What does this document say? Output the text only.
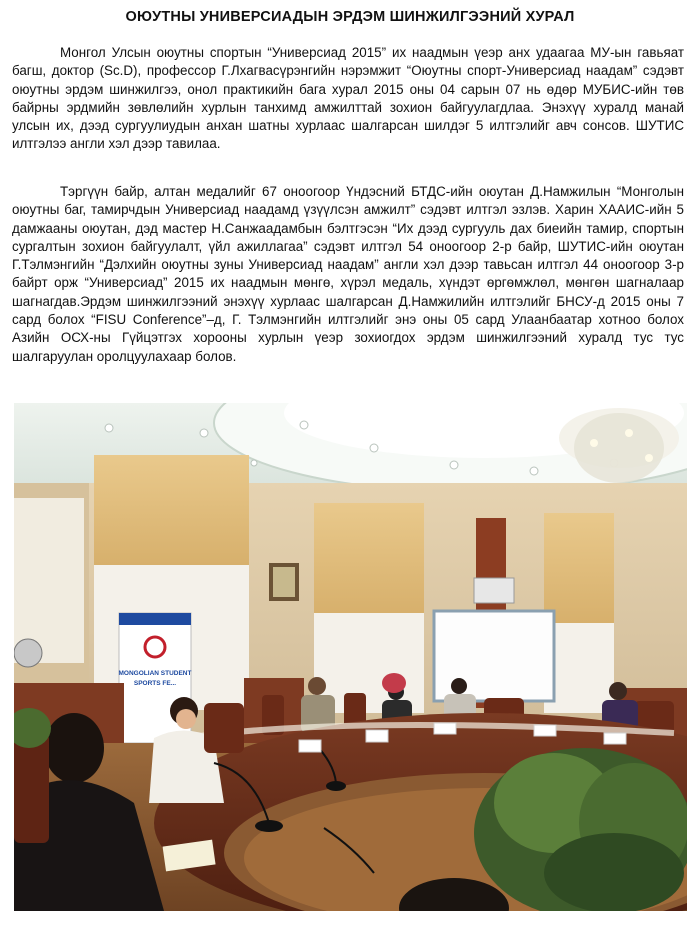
ОЮУТНЫ УНИВЕРСИАДЫН ЭРДЭМ ШИНЖИЛГЭЭНИЙ ХУРАЛ

Монгол Улсын оюутны спортын “Универсиад 2015” их наадмын үеэр анх удаагаа МУ-ын гавьяат багш, доктор (Sc.D), профессор Г.Лхагвасүрэнгийн нэрэмжит “Оюутны спорт-Универсиад наадам” сэдэвт оюутны эрдэм шинжилгээ, онол практикийн бага хурал 2015 оны 04 сарын 07 нь өдөр МУБИС-ийн төв байрны эрдмийн зөвлөлийн хурлын танхимд амжилттай зохион байгуулагдлаа. Энэхүү хуралд манай улсын их, дээд сургуулиудын анхан шатны хурлаас шалгарсан шилдэг 5 илтгэлийг авч сонсов. ШУТИС илтгэлээ англи хэл дээр тавилаа.

Тэргүүн байр, алтан медалийг 67 оноогоор Үндэсний БТДС-ийн оюутан Д.Намжилын “Монголын оюутны баг, тамирчдын Универсиад наадамд үзүүлсэн амжилт” сэдэвт илтгэл эзлэв. Харин ХААИС-ийн 5 дамжааны оюутан, дэд мастер Н.Санжаадамбын бэлтгэсэн “Их дээд сургууль дах биеийн тамир, спортын сургалтын зохион байгуулалт, үйл ажиллагаа” сэдэвт илтгэл 54 оноогоор 2-р байр, ШУТИС-ийн оюутан Г.Тэлмэнгийн “Дэлхийн оюутны зуны Универсиад наадам” англи хэл дээр тавьсан илтгэл 44 оноогоор 3-р байрт орж “Универсиад” 2015 их наадмын мөнгө, хүрэл медаль, хүндэт өргөмжлөл, мөнгөн шагналаар шагнагдав.Эрдэм шинжилгээний энэхүү хурлаас шалгарсан Д.Намжилийн илтгэлийг БНСУ-д 2015 оны 7 сард болох “FISU Conference”–д, Г. Тэлмэнгийн илтгэлийг энэ оны 05 сард Улаанбаатар хотноо болох Азийн ОСХ-ны Гүйцэтгэх хорооны хурлын үеэр зохиогдох эрдэм шинжилгээний хуралд тус тус шалгаруулан оролцуулахаар болов.

MONGOLIAN STUDENT
SPORTS FE...
